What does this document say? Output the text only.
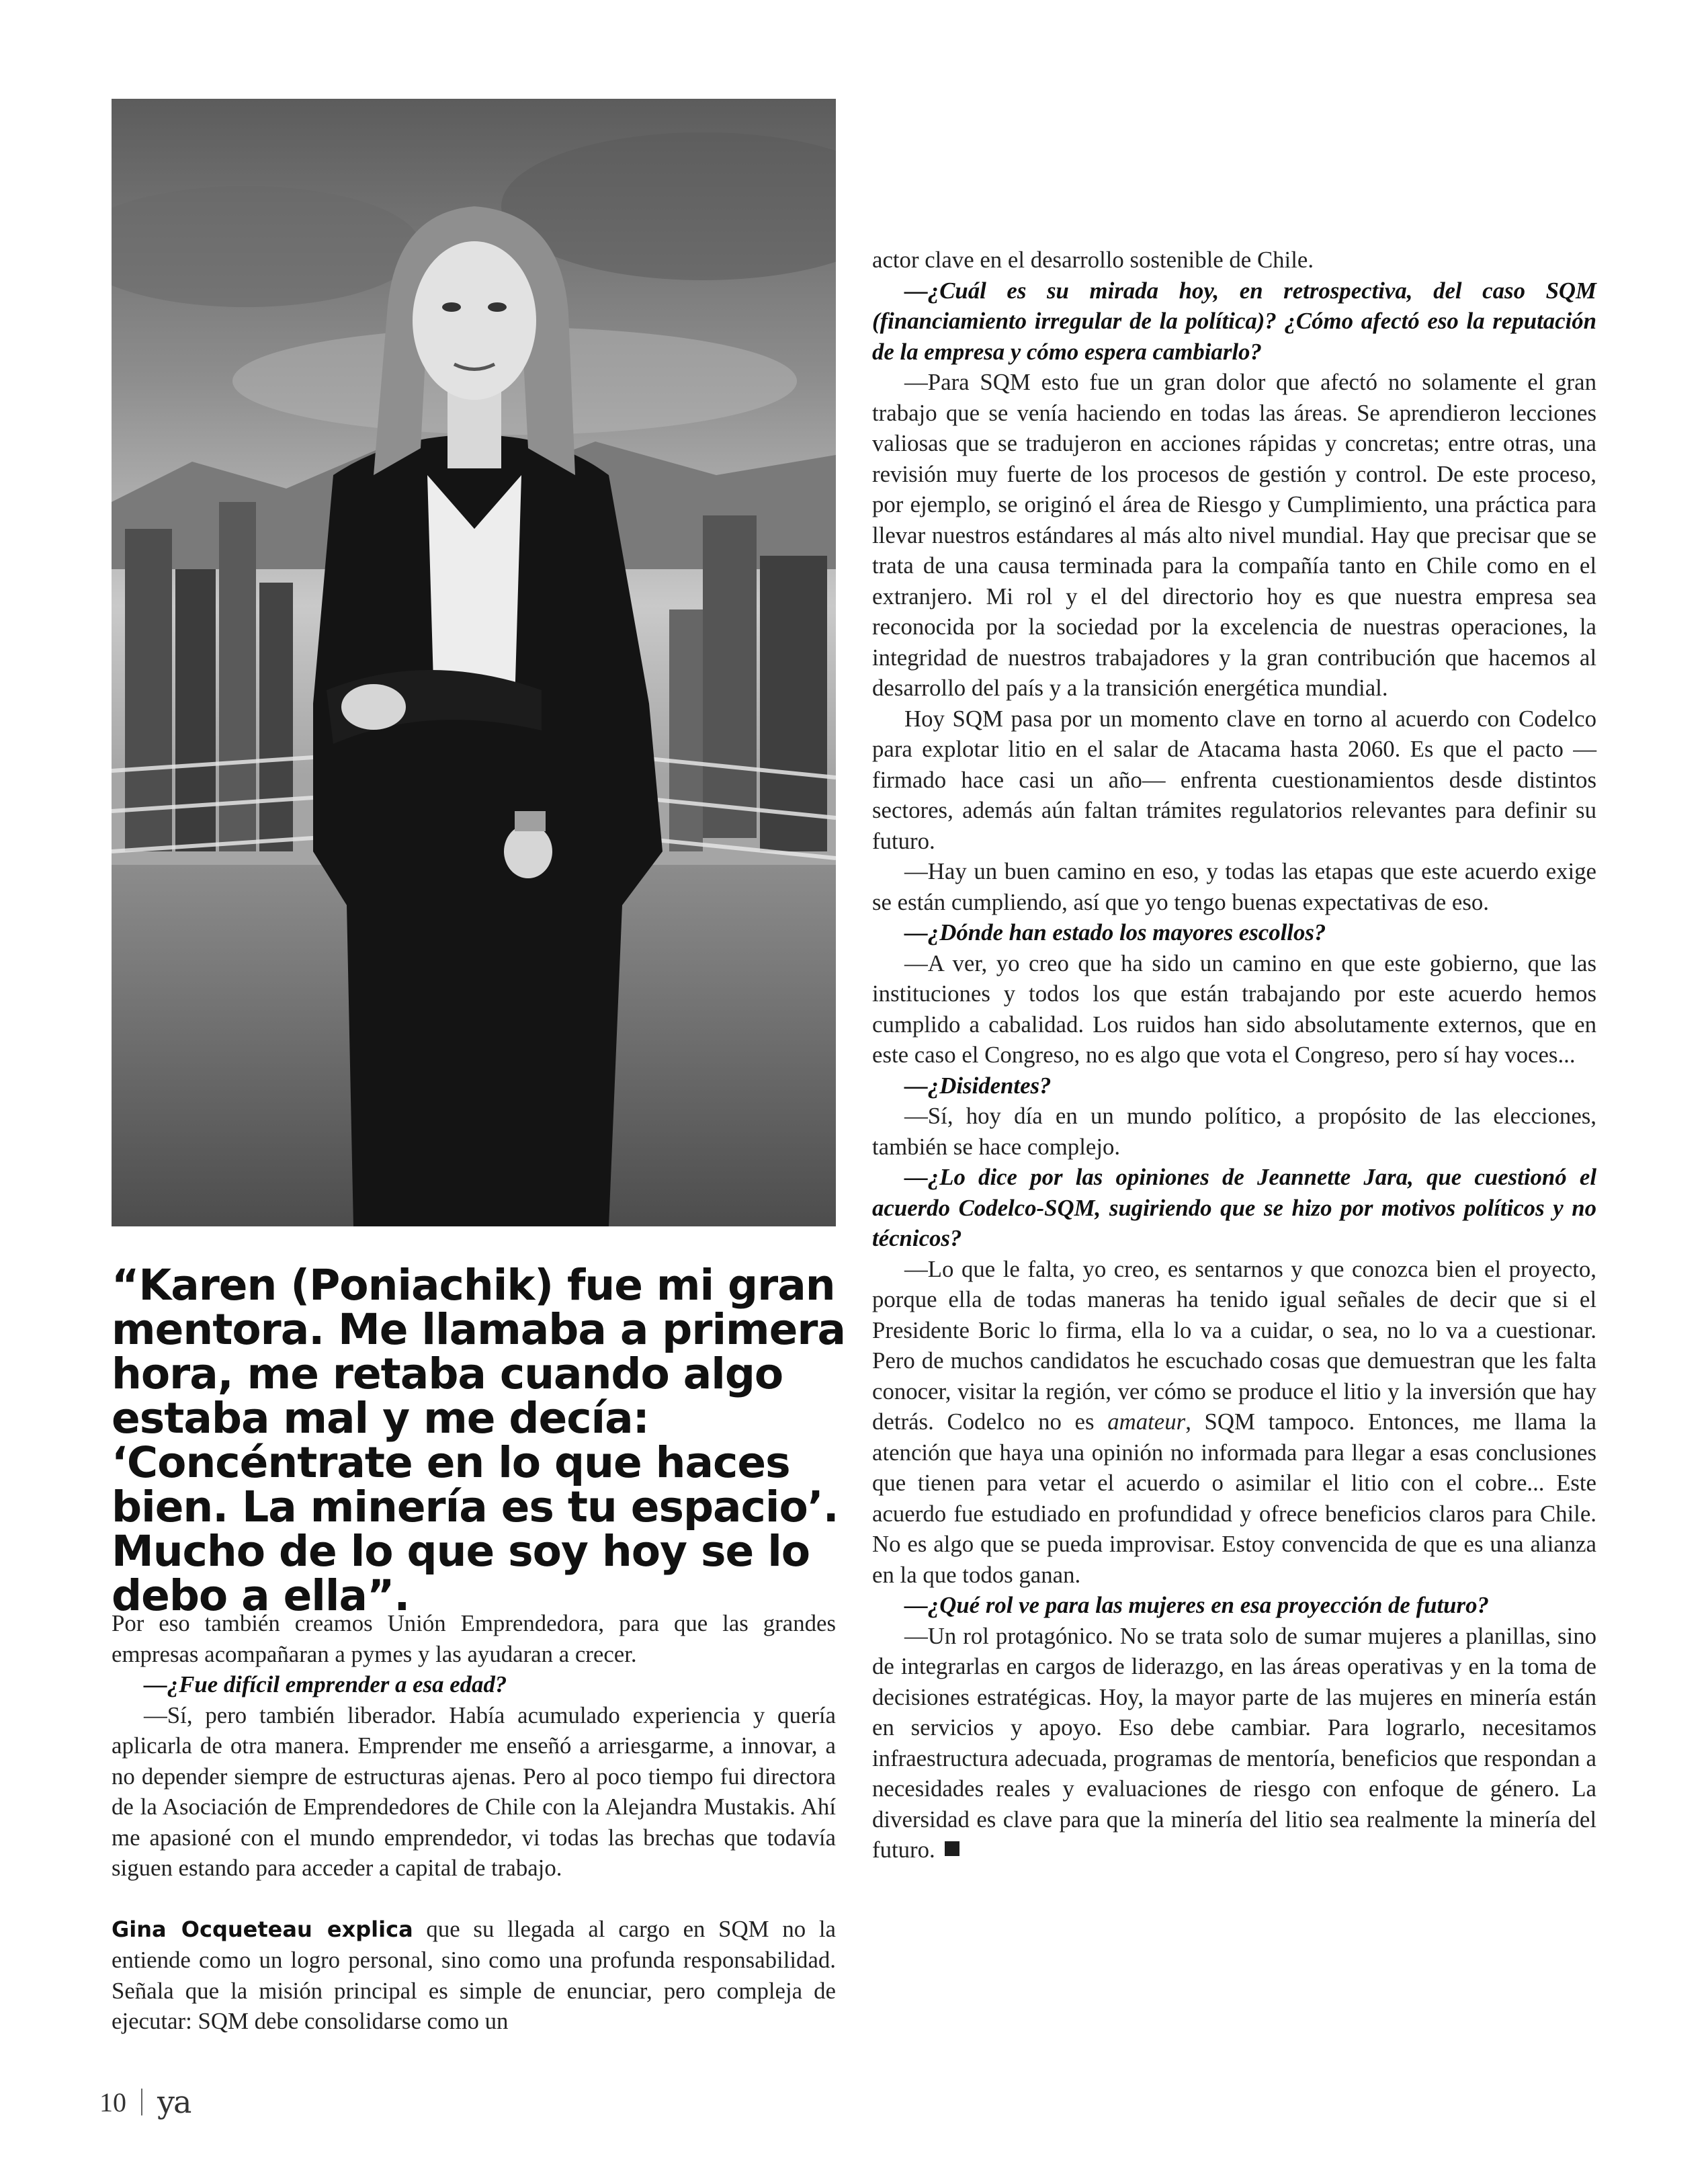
“Karen (Poniachik) fue mi gran mentora. Me llamaba a primera hora, me retaba cuando algo estaba mal y me decía: ‘Concéntrate en lo que haces bien. La minería es tu espacio’. Mucho de lo que soy hoy se lo debo a ella”.

Por eso también creamos Unión Emprendedora, para que las grandes empresas acompañaran a pymes y las ayudaran a crecer.

—¿Fue difícil emprender a esa edad?

—Sí, pero también liberador. Había acumulado experiencia y quería aplicarla de otra manera. Emprender me enseñó a arriesgarme, a innovar, a no depender siempre de estructuras ajenas. Pero al poco tiempo fui directora de la Asociación de Emprendedores de Chile con la Alejandra Mustakis. Ahí me apasioné con el mundo emprendedor, vi todas las brechas que todavía siguen estando para acceder a capital de trabajo.

Gina Ocqueteau explica que su llegada al cargo en SQM no la entiende como un logro personal, sino como una profunda responsabilidad. Señala que la misión principal es simple de enunciar, pero compleja de ejecutar: SQM debe consolidarse como un

actor clave en el desarrollo sostenible de Chile.

—¿Cuál es su mirada hoy, en retrospectiva, del caso SQM (financiamiento irregular de la política)? ¿Cómo afectó eso la reputación de la empresa y cómo espera cambiarlo?

—Para SQM esto fue un gran dolor que afectó no solamente el gran trabajo que se venía haciendo en todas las áreas. Se aprendieron lecciones valiosas que se tradujeron en acciones rápidas y concretas; entre otras, una revisión muy fuerte de los procesos de gestión y control. De este proceso, por ejemplo, se originó el área de Riesgo y Cumplimiento, una práctica para llevar nuestros estándares al más alto nivel mundial. Hay que precisar que se trata de una causa terminada para la compañía tanto en Chile como en el extranjero. Mi rol y el del directorio hoy es que nuestra empresa sea reconocida por la sociedad por la excelencia de nuestras operaciones, la integridad de nuestros trabajadores y la gran contribución que hacemos al desarrollo del país y a la transición energética mundial.

Hoy SQM pasa por un momento clave en torno al acuerdo con Codelco para explotar litio en el salar de Atacama hasta 2060. Es que el pacto —firmado hace casi un año— enfrenta cuestionamientos desde distintos sectores, además aún faltan trámites regulatorios relevantes para definir su futuro.

—Hay un buen camino en eso, y todas las etapas que este acuerdo exige se están cumpliendo, así que yo tengo buenas expectativas de eso.

—¿Dónde han estado los mayores escollos?

—A ver, yo creo que ha sido un camino en que este gobierno, que las instituciones y todos los que están trabajando por este acuerdo hemos cumplido a cabalidad. Los ruidos han sido absolutamente externos, que en este caso el Congreso, no es algo que vota el Congreso, pero sí hay voces...

—¿Disidentes?

—Sí, hoy día en un mundo político, a propósito de las elecciones, también se hace complejo.

—¿Lo dice por las opiniones de Jeannette Jara, que cuestionó el acuerdo Codelco-SQM, sugiriendo que se hizo por motivos políticos y no técnicos?

—Lo que le falta, yo creo, es sentarnos y que conozca bien el proyecto, porque ella de todas maneras ha tenido igual señales de decir que si el Presidente Boric lo firma, ella lo va a cuidar, o sea, no lo va a cuestionar. Pero de muchos candidatos he escuchado cosas que demuestran que les falta conocer, visitar la región, ver cómo se produce el litio y la inversión que hay detrás. Codelco no es amateur, SQM tampoco. Entonces, me llama la atención que haya una opinión no informada para llegar a esas conclusiones que tienen para vetar el acuerdo o asimilar el litio con el cobre... Este acuerdo fue estudiado en profundidad y ofrece beneficios claros para Chile. No es algo que se pueda improvisar. Estoy convencida de que es una alianza en la que todos ganan.

—¿Qué rol ve para las mujeres en esa proyección de futuro?

—Un rol protagónico. No se trata solo de sumar mujeres a planillas, sino de integrarlas en cargos de liderazgo, en las áreas operativas y en la toma de decisiones estratégicas. Hoy, la mayor parte de las mujeres en minería están en servicios y apoyo. Eso debe cambiar. Para lograrlo, necesitamos infraestructura adecuada, programas de mentoría, beneficios que respondan a necesidades reales y evaluaciones de riesgo con enfoque de género. La diversidad es clave para que la minería del litio sea realmente la minería del futuro.

10 ya
